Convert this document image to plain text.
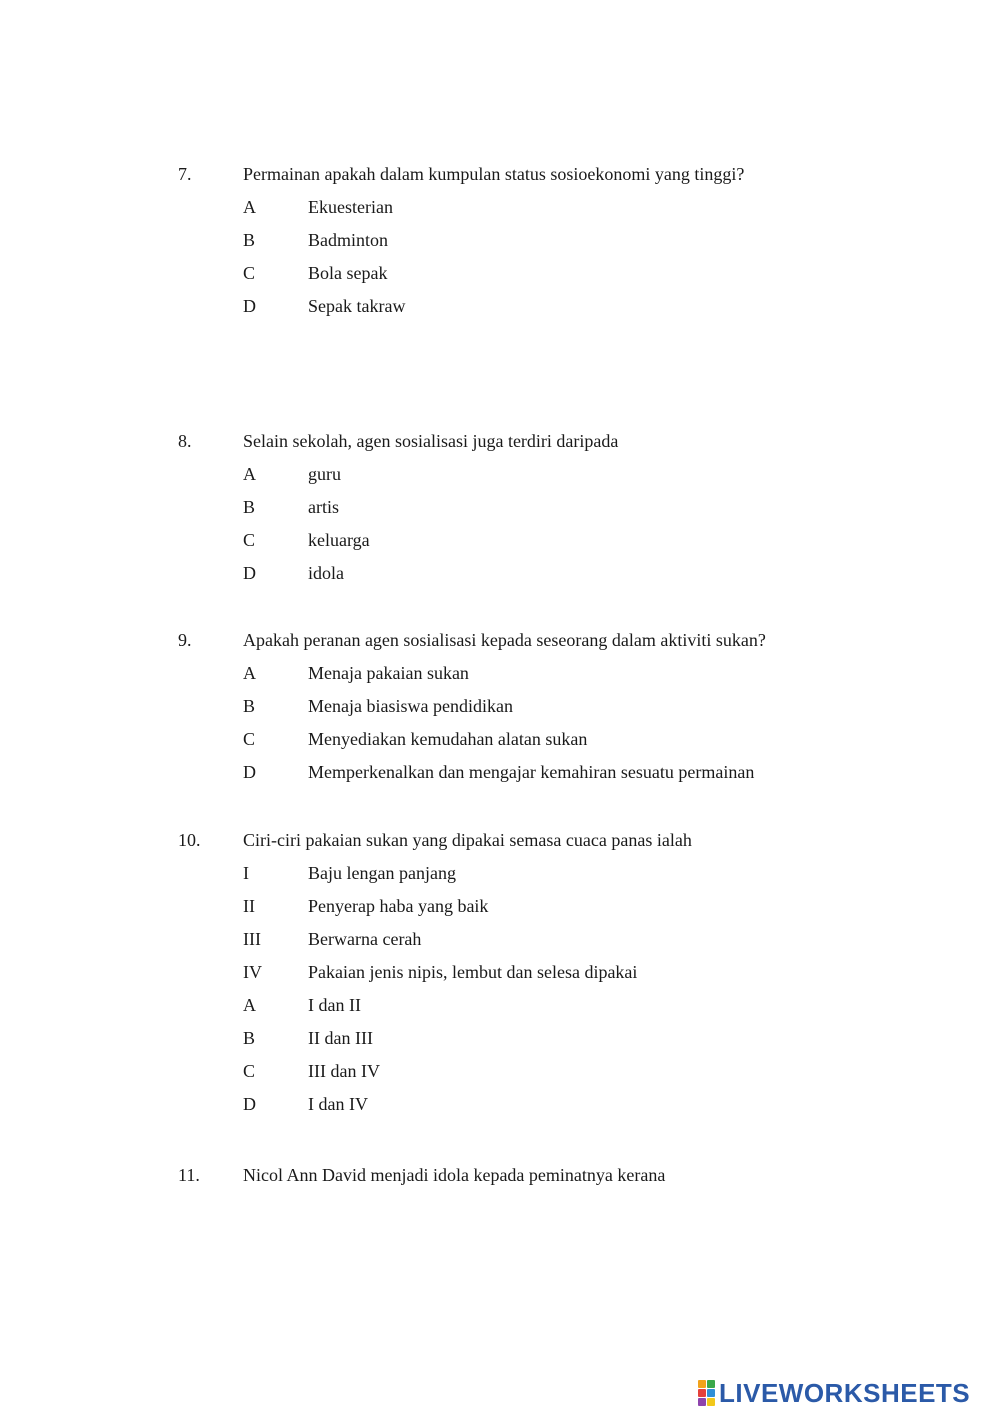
7.	Permainan apakah dalam kumpulan status sosioekonomi yang tinggi?
A	Ekuesterian
B	Badminton
C	Bola sepak
D	Sepak takraw
8.	Selain sekolah, agen sosialisasi juga terdiri daripada
A	guru
B	artis
C	keluarga
D	idola
9.	Apakah peranan agen sosialisasi kepada seseorang dalam aktiviti sukan?
A	Menaja pakaian sukan
B	Menaja biasiswa pendidikan
C	Menyediakan kemudahan alatan sukan
D	Memperkenalkan dan mengajar kemahiran sesuatu permainan
10.	Ciri-ciri pakaian sukan yang dipakai semasa cuaca panas ialah
I	Baju lengan panjang
II	Penyerap haba yang baik
III	Berwarna cerah
IV	Pakaian jenis nipis, lembut dan selesa dipakai
A	I dan II
B	II dan III
C	III dan IV
D	I dan IV
11.	Nicol Ann David menjadi idola kepada peminatnya kerana
LIVEWORKSHEETS
